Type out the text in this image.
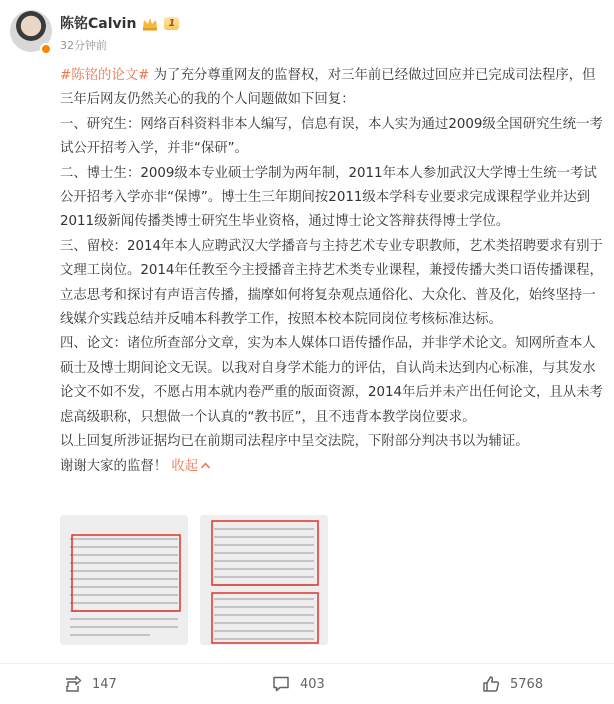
陈铭Calvin	1
32分钟前

#陈铭的论文# 为了充分尊重网友的监督权，对三年前已经做过回应并已完成司法程序，但三年后网友仍然关心的我的个人问题做如下回复：

一、研究生：网络百科资料非本人编写，信息有误，本人实为通过2009级全国研究生统一考试公开招考入学，并非“保研”。

二、博士生：2009级本专业硕士学制为两年制，2011年本人参加武汉大学博士生统一考试公开招考入学亦非“保博”。博士生三年期间按2011级本学科专业要求完成课程学业并达到2011级新闻传播类博士研究生毕业资格，通过博士论文答辩获得博士学位。

三、留校：2014年本人应聘武汉大学播音与主持艺术专业专职教师，艺术类招聘要求有别于文理工岗位。2014年任教至今主授播音主持艺术类专业课程，兼授传播大类口语传播课程，立志思考和探讨有声语言传播，揣摩如何将复杂观点通俗化、大众化、普及化，始终坚持一线媒介实践总结并反哺本科教学工作，按照本校本院同岗位考核标准达标。

四、论文：诸位所查部分文章，实为本人媒体口语传播作品，并非学术论文。知网所查本人硕士及博士期间论文无误。以我对自身学术能力的评估，自认尚未达到内心标准，与其发水论文不如不发，不愿占用本就内卷严重的版面资源，2014年后并未产出任何论文，且从未考虑高级职称，只想做一个认真的“教书匠”，且不违背本教学岗位要求。

以上回复所涉证据均已在前期司法程序中呈交法院，下附部分判决书以为辅证。

谢谢大家的监督！ 收起

147	403	5768
